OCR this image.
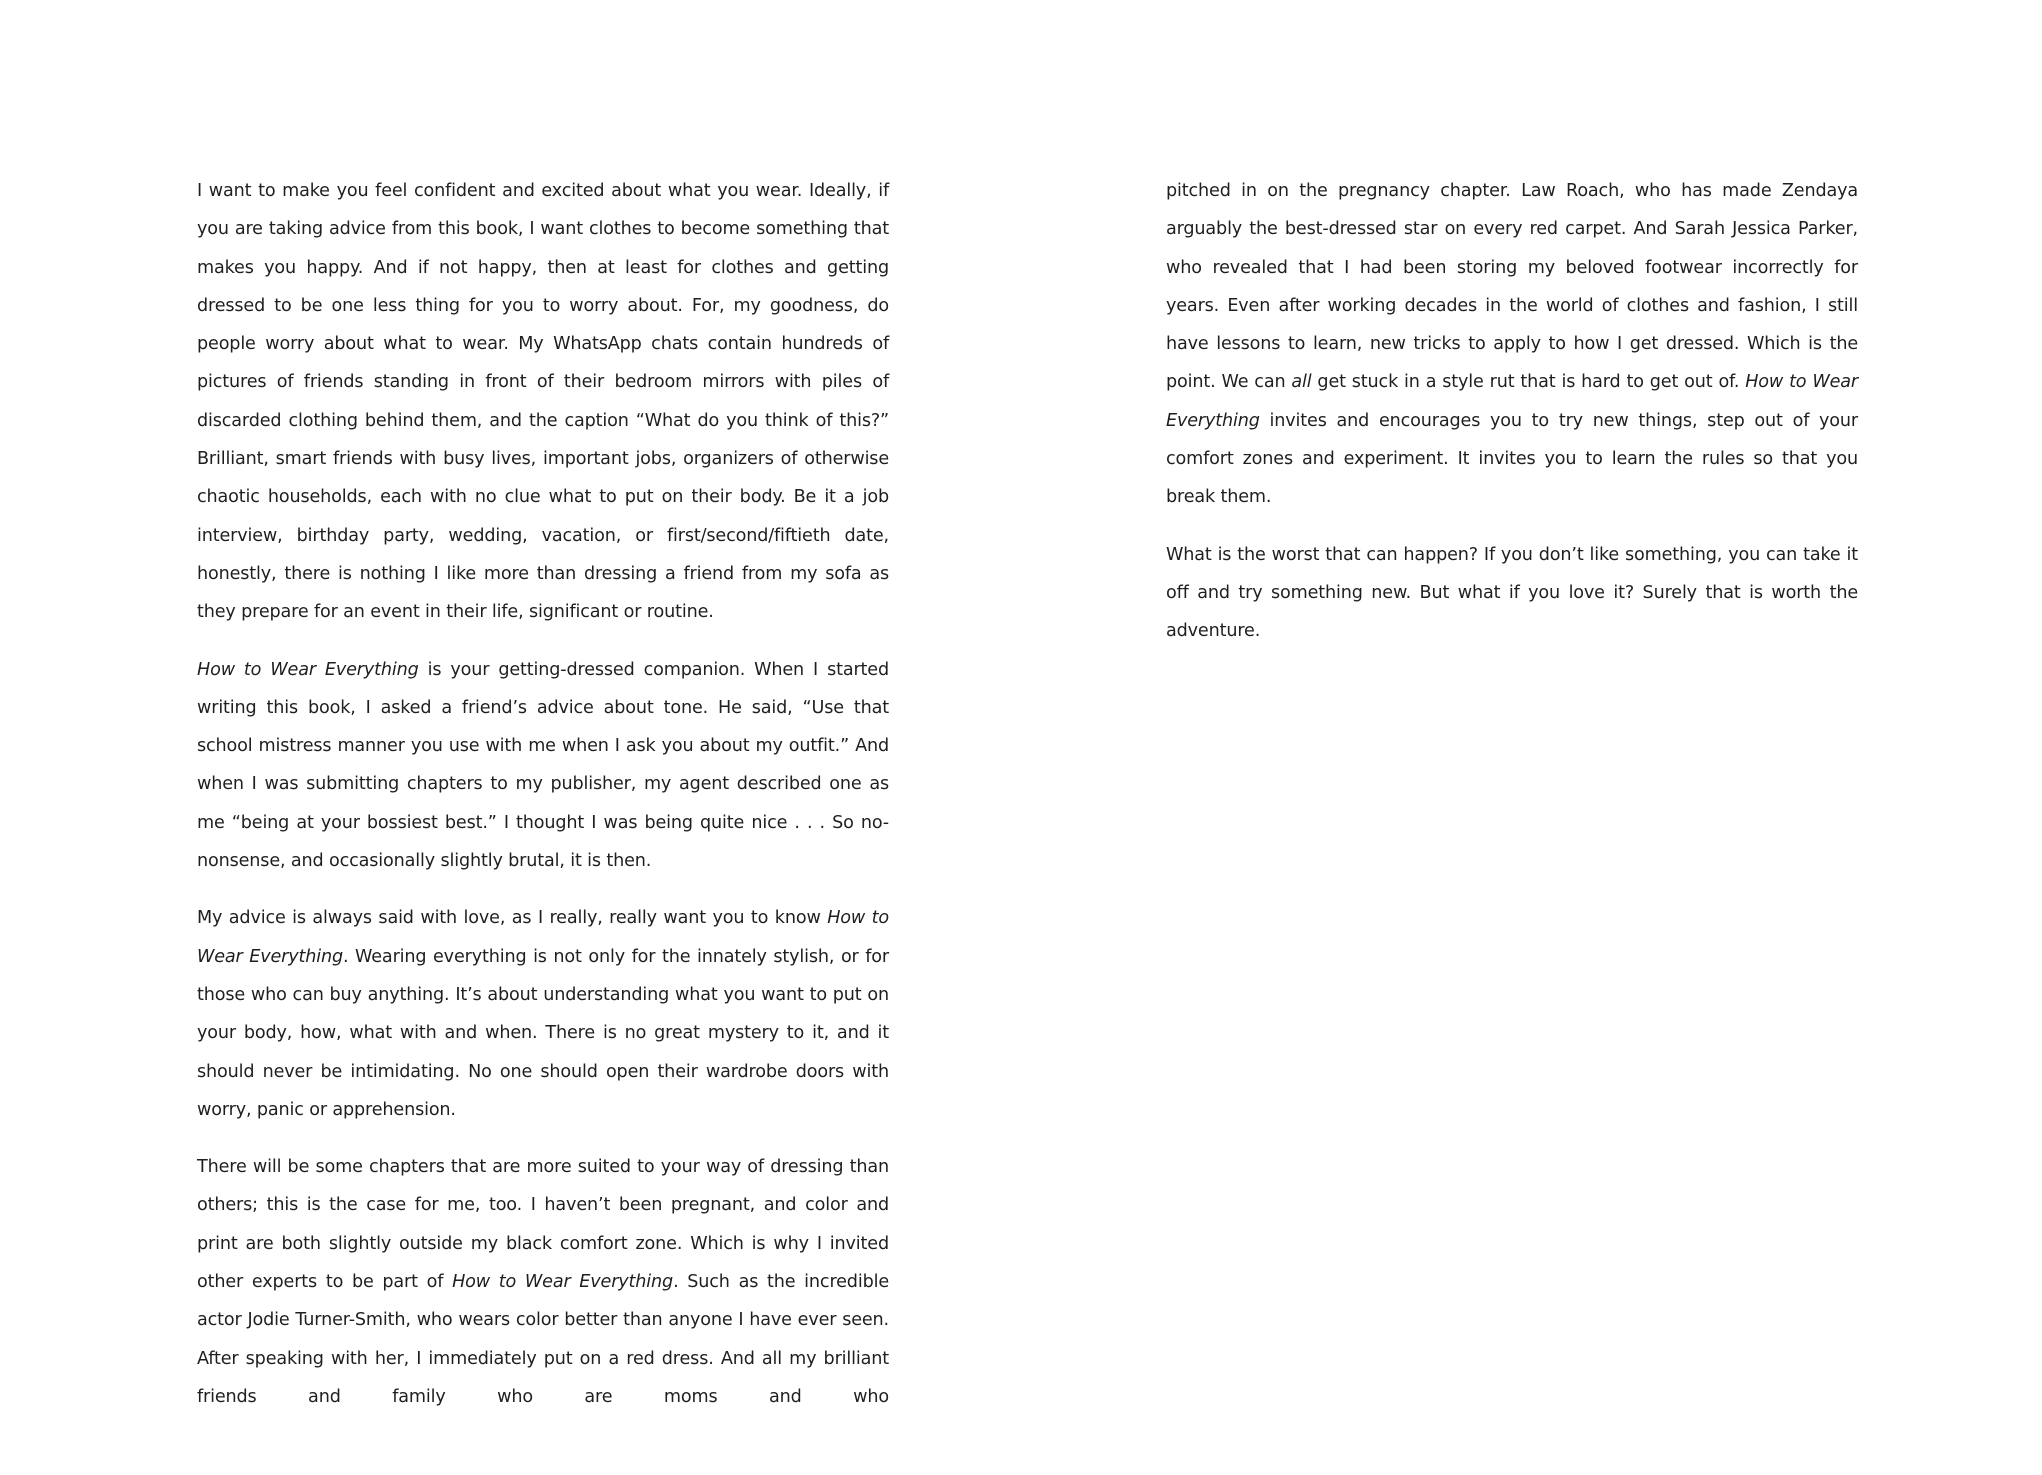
I want to make you feel confident and excited about what you wear. Ideally, if you are taking advice from this book, I want clothes to become something that makes you happy. And if not happy, then at least for clothes and getting dressed to be one less thing for you to worry about. For, my goodness, do people worry about what to wear. My WhatsApp chats contain hundreds of pictures of friends standing in front of their bedroom mirrors with piles of discarded clothing behind them, and the caption “What do you think of this?” Brilliant, smart friends with busy lives, important jobs, organizers of otherwise chaotic households, each with no clue what to put on their body. Be it a job interview, birthday party, wedding, vacation, or first/second/fiftieth date, honestly, there is nothing I like more than dressing a friend from my sofa as they prepare for an event in their life, significant or routine.

How to Wear Everything is your getting-dressed companion. When I started writing this book, I asked a friend’s advice about tone. He said, “Use that school mistress manner you use with me when I ask you about my outfit.” And when I was submitting chapters to my publisher, my agent described one as me “being at your bossiest best.” I thought I was being quite nice . . . So no-nonsense, and occasionally slightly brutal, it is then.

My advice is always said with love, as I really, really want you to know How to Wear Everything. Wearing everything is not only for the innately stylish, or for those who can buy anything. It’s about understanding what you want to put on your body, how, what with and when. There is no great mystery to it, and it should never be intimidating. No one should open their wardrobe doors with worry, panic or apprehension.

There will be some chapters that are more suited to your way of dressing than others; this is the case for me, too. I haven’t been pregnant, and color and print are both slightly outside my black comfort zone. Which is why I invited other experts to be part of How to Wear Everything. Such as the incredible actor Jodie Turner-Smith, who wears color better than anyone I have ever seen. After speaking with her, I immediately put on a red dress. And all my brilliant friends and family who are moms and who

pitched in on the pregnancy chapter. Law Roach, who has made Zendaya arguably the best-dressed star on every red carpet. And Sarah Jessica Parker, who revealed that I had been storing my beloved footwear incorrectly for years. Even after working decades in the world of clothes and fashion, I still have lessons to learn, new tricks to apply to how I get dressed. Which is the point. We can all get stuck in a style rut that is hard to get out of. How to Wear Everything invites and encourages you to try new things, step out of your comfort zones and experiment. It invites you to learn the rules so that you break them.

What is the worst that can happen? If you don’t like something, you can take it off and try something new. But what if you love it? Surely that is worth the adventure.
